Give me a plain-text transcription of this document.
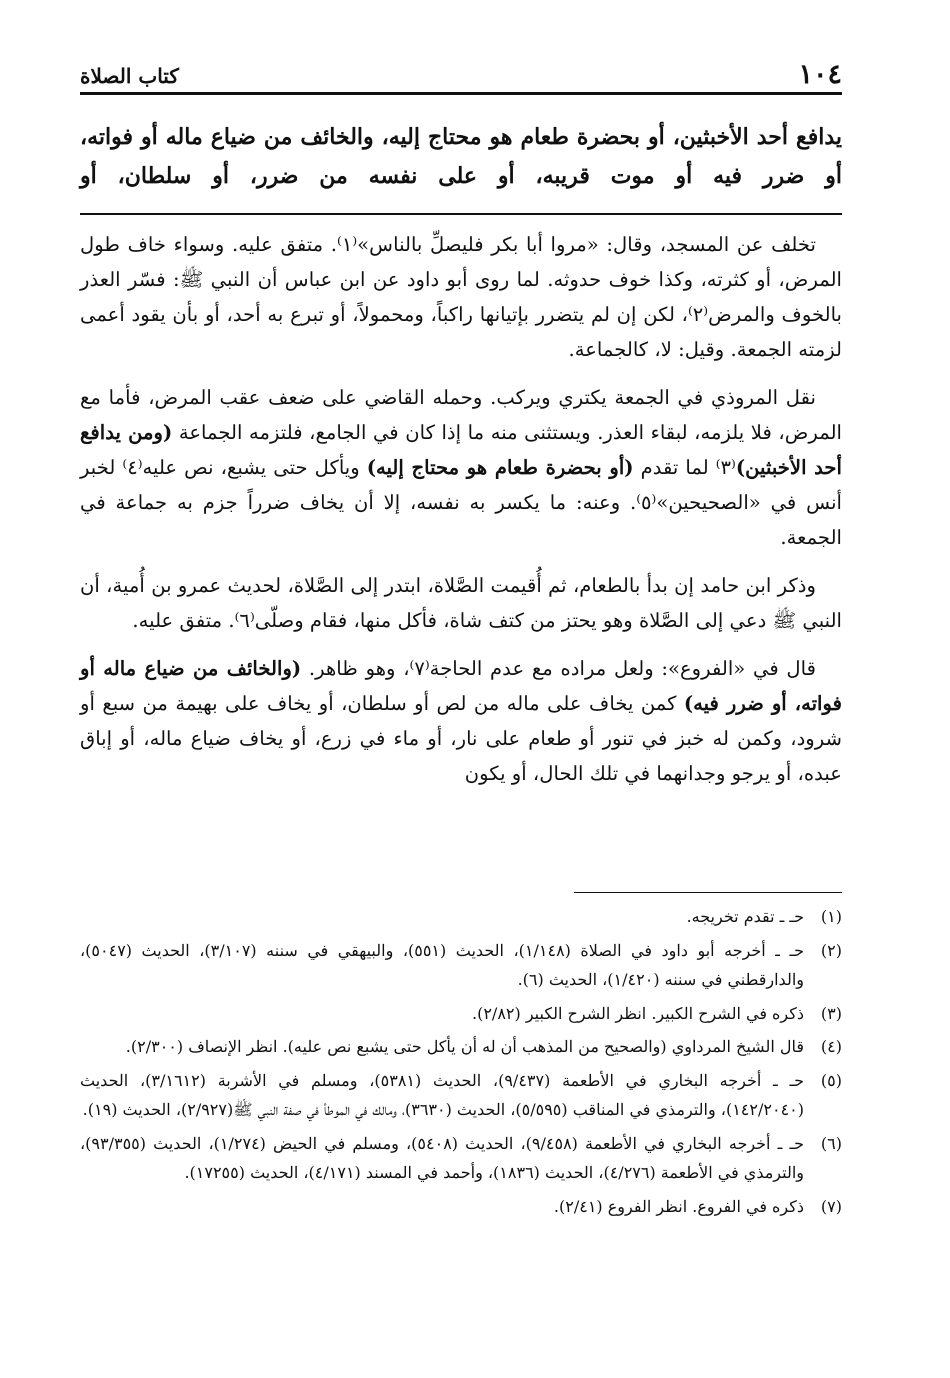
١٠٤
كتاب الصلاة

يدافع أحد الأخبثين، أو بحضرة طعام هو محتاج إليه، والخائف من ضياع ماله أو فواته، أو ضرر فيه أو موت قريبه، أو على نفسه من ضرر، أو سلطان، أو

تخلف عن المسجد، وقال: «مروا أبا بكر فليصلِّ بالناس»⁽١⁾. متفق عليه. وسواء خاف طول المرض، أو كثرته، وكذا خوف حدوثه. لما روى أبو داود عن ابن عباس أن النبي ﷺ: فسّر العذر بالخوف والمرض⁽٢⁾، لكن إن لم يتضرر بإتيانها راكباً، ومحمولاً، أو تبرع به أحد، أو بأن يقود أعمى لزمته الجمعة. وقيل: لا، كالجماعة.

نقل المروذي في الجمعة يكتري ويركب. وحمله القاضي على ضعف عقب المرض، فأما مع المرض، فلا يلزمه، لبقاء العذر. ويستثنى منه ما إذا كان في الجامع، فلتزمه الجماعة (ومن يدافع أحد الأخبثين)⁽٣⁾ لما تقدم (أو بحضرة طعام هو محتاج إليه) ويأكل حتى يشبع، نص عليه⁽٤⁾ لخبر أنس في «الصحيحين»⁽٥⁾. وعنه: ما يكسر به نفسه، إلا أن يخاف ضرراً جزم به جماعة في الجمعة.

وذكر ابن حامد إن بدأ بالطعام، ثم أُقيمت الصَّلاة، ابتدر إلى الصَّلاة، لحديث عمرو بن أُمية، أن النبي ﷺ دعي إلى الصَّلاة وهو يحتز من كتف شاة، فأكل منها، فقام وصلّى⁽٦⁾. متفق عليه.

قال في «الفروع»: ولعل مراده مع عدم الحاجة⁽٧⁾، وهو ظاهر. (والخائف من ضياع ماله أو فواته، أو ضرر فيه) كمن يخاف على ماله من لص أو سلطان، أو يخاف على بهيمة من سبع أو شرود، وكمن له خبز في تنور أو طعام على نار، أو ماء في زرع، أو يخاف ضياع ماله، أو إباق عبده، أو يرجو وجدانهما في تلك الحال، أو يكون

(١)
حـ ـ تقدم تخريجه.
(٢)
حـ ـ أخرجه أبو داود في الصلاة (١/١٤٨)، الحديث (٥٥١)، والبيهقي في سننه (٣/١٠٧)، الحديث (٥٠٤٧)، والدارقطني في سننه (١/٤٢٠)، الحديث (٦).
(٣)
ذكره في الشرح الكبير. انظر الشرح الكبير (٢/٨٢).
(٤)
قال الشيخ المرداوي (والصحيح من المذهب أن له أن يأكل حتى يشبع نص عليه). انظر الإنصاف (٢/٣٠٠).
(٥)
حـ ـ أخرجه البخاري في الأطعمة (٩/٤٣٧)، الحديث (٥٣٨١)، ومسلم في الأشربة (٣/١٦١٢)، الحديث (١٤٢/٢٠٤٠)، والترمذي في المناقب (٥/٥٩٥)، الحديث (٣٦٣٠)، ومالك في الموطأ في صفة النبي ﷺ(٢/٩٢٧)، الحديث (١٩).
(٦)
حـ ـ أخرجه البخاري في الأطعمة (٩/٤٥٨)، الحديث (٥٤٠٨)، ومسلم في الحيض (١/٢٧٤)، الحديث (٩٣/٣٥٥)، والترمذي في الأطعمة (٤/٢٧٦)، الحديث (١٨٣٦)، وأحمد في المسند (٤/١٧١)، الحديث (١٧٢٥٥).
(٧)
ذكره في الفروع. انظر الفروع (٢/٤١).
